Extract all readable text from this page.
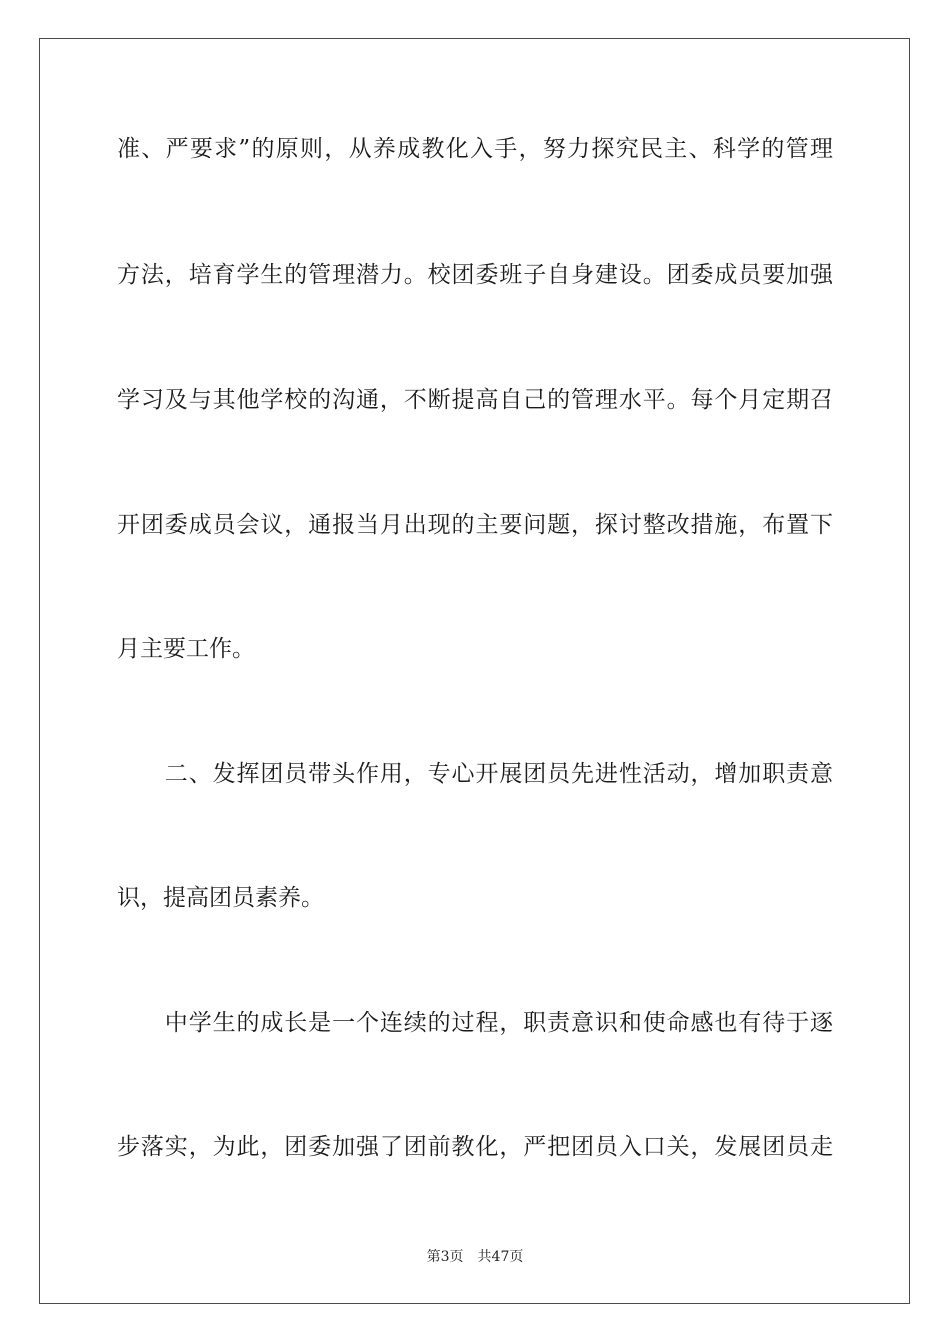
准、严要求”的原则，从养成教化入手，努力探究民主、科学的管理
方法，培育学生的管理潜力。校团委班子自身建设。团委成员要加强
学习及与其他学校的沟通，不断提高自己的管理水平。每个月定期召
开团委成员会议，通报当月出现的主要问题，探讨整改措施，布置下
月主要工作。
　　二、发挥团员带头作用，专心开展团员先进性活动，增加职责意
识，提高团员素养。
　　中学生的成长是一个连续的过程，职责意识和使命感也有待于逐
步落实，为此，团委加强了团前教化，严把团员入口关，发展团员走
第3页 共47页
